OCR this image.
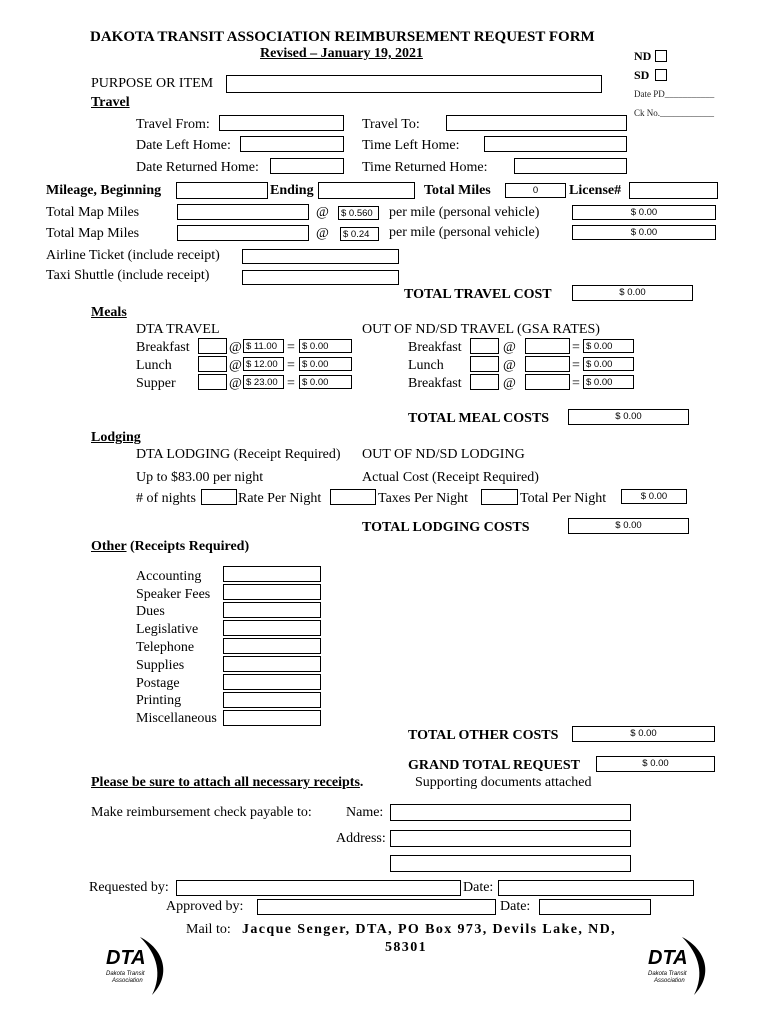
DAKOTA TRANSIT ASSOCIATION REIMBURSEMENT REQUEST FORM
Revised – January 19, 2021	ND
SD
Date PD___________
Ck No.____________
PURPOSE OR ITEM
Travel
Travel From:	Travel To:
Date Left Home:	Time Left Home:
Date Returned Home:	Time Returned Home:
Mileage, Beginning	Ending	Total Miles	0	License#
Total Map Miles	@	$ 0.560	per mile (personal vehicle)	$ 0.00
Total Map Miles	@	$ 0.24	per mile (personal vehicle)	$ 0.00
Airline Ticket (include receipt)
Taxi Shuttle (include receipt)
TOTAL TRAVEL COST	$ 0.00
Meals
DTA TRAVEL	OUT OF ND/SD TRAVEL (GSA RATES)
Breakfast	@ $ 11.00 = $ 0.00
Lunch	@ $ 12.00 = $ 0.00
Supper	@ $ 23.00 = $ 0.00
Breakfast	@	= $ 0.00
Lunch	@	= $ 0.00
Breakfast	@	= $ 0.00
TOTAL MEAL COSTS	$ 0.00
Lodging
DTA LODGING (Receipt Required) OUT OF ND/SD LODGING
Up to $83.00 per night	Actual Cost (Receipt Required)
# of nights	Rate Per Night	Taxes Per Night	Total Per Night	$ 0.00
TOTAL LODGING COSTS	$ 0.00
Other (Receipts Required)
Accounting
Speaker Fees
Dues
Legislative
Telephone
Supplies
Postage
Printing
Miscellaneous
TOTAL OTHER COSTS	$ 0.00
GRAND TOTAL REQUEST	$ 0.00
Please be sure to attach all necessary receipts.	Supporting documents attached
Make reimbursement check payable to: Name:
Address:
Requested by:	Date:
Approved by:	Date:
Mail to: Jacque Senger, DTA, PO Box 973, Devils Lake, ND,
58301
DTA
Dakota Transit
Association
DTA
Dakota Transit
Association
